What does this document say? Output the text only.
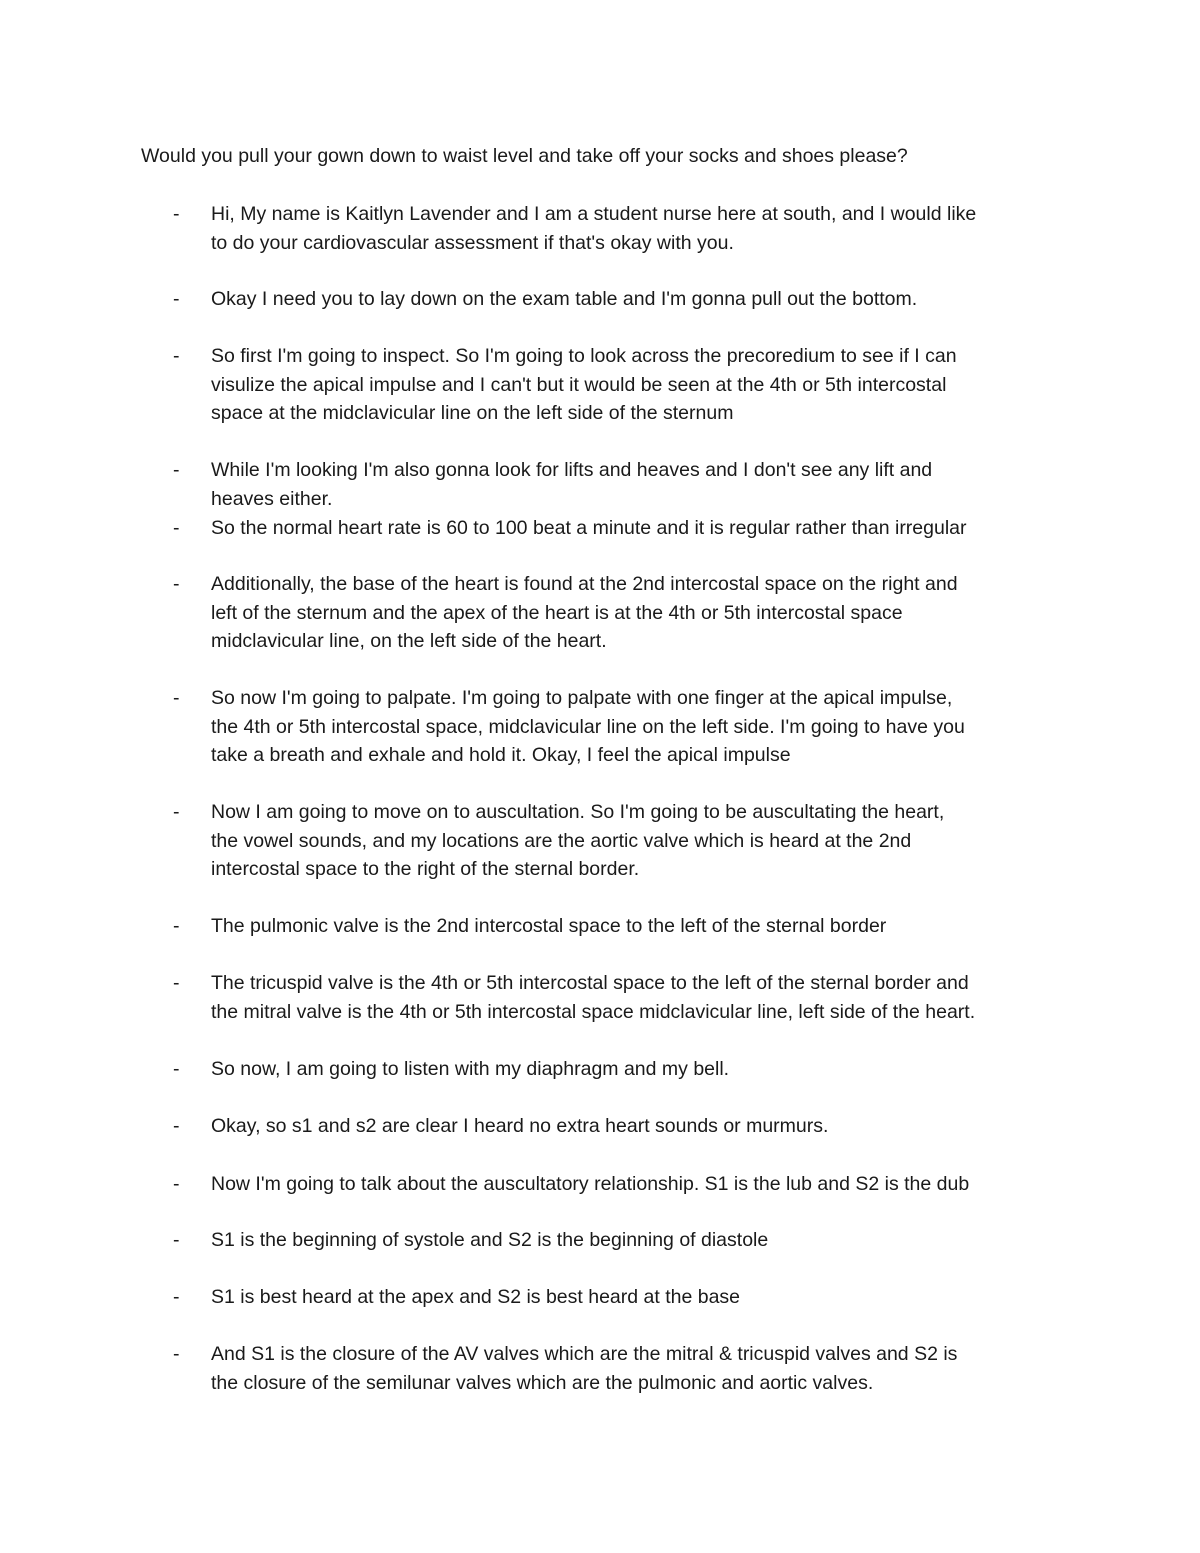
Would you pull your gown down to waist level and take off your socks and shoes please?

- Hi, My name is Kaitlyn Lavender and I am a student nurse here at south, and I would like
to do your cardiovascular assessment if that's okay with you.

- Okay I need you to lay down on the exam table and I'm gonna pull out the bottom.

- So first I'm going to inspect. So I'm going to look across the precoredium to see if I can
visulize the apical impulse and I can't but it would be seen at the 4th or 5th intercostal
space at the midclavicular line on the left side of the sternum

- While I'm looking I'm also gonna look for lifts and heaves and I don't see any lift and
heaves either.

- So the normal heart rate is 60 to 100 beat a minute and it is regular rather than irregular

- Additionally, the base of the heart is found at the 2nd intercostal space on the right and
left of the sternum and the apex of the heart is at the 4th or 5th intercostal space
midclavicular line, on the left side of the heart.

- So now I'm going to palpate. I'm going to palpate with one finger at the apical impulse,
the 4th or 5th intercostal space, midclavicular line on the left side. I'm going to have you
take a breath and exhale and hold it. Okay, I feel the apical impulse

- Now I am going to move on to auscultation. So I'm going to be auscultating the heart,
the vowel sounds, and my locations are the aortic valve which is heard at the 2nd
intercostal space to the right of the sternal border.

- The pulmonic valve is the 2nd intercostal space to the left of the sternal border

- The tricuspid valve is the 4th or 5th intercostal space to the left of the sternal border and
the mitral valve is the 4th or 5th intercostal space midclavicular line, left side of the heart.

- So now, I am going to listen with my diaphragm and my bell.

- Okay, so s1 and s2 are clear I heard no extra heart sounds or murmurs.

- Now I'm going to talk about the auscultatory relationship. S1 is the lub and S2 is the dub

- S1 is the beginning of systole and S2 is the beginning of diastole

- S1 is best heard at the apex and S2 is best heard at the base

- And S1 is the closure of the AV valves which are the mitral & tricuspid valves and S2 is
the closure of the semilunar valves which are the pulmonic and aortic valves.
